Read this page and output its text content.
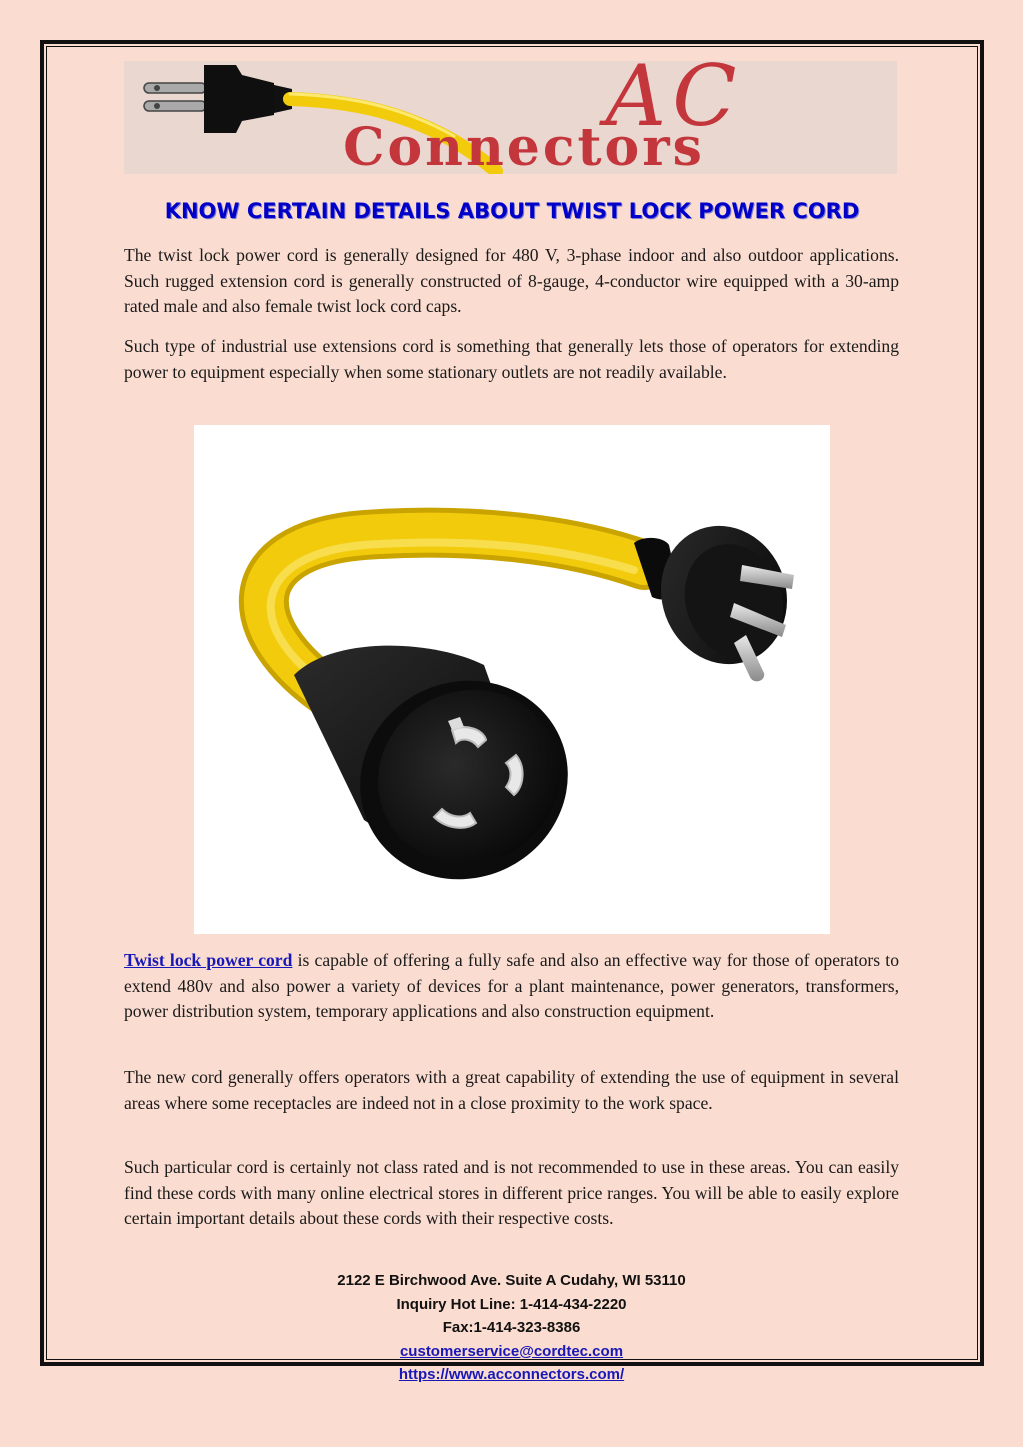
AC
Connectors
KNOW CERTAIN DETAILS ABOUT TWIST LOCK POWER CORD

The twist lock power cord is generally designed for 480 V, 3-phase indoor and also outdoor applications. Such rugged extension cord is generally constructed of 8-gauge, 4-conductor wire equipped with a 30-amp rated male and also female twist lock cord caps.

Such type of industrial use extensions cord is something that generally lets those of operators for extending power to equipment especially when some stationary outlets are not readily available.

Twist lock power cord is capable of offering a fully safe and also an effective way for those of operators to extend 480v and also power a variety of devices for a plant maintenance, power generators, transformers, power distribution system, temporary applications and also construction equipment.

The new cord generally offers operators with a great capability of extending the use of equipment in several areas where some receptacles are indeed not in a close proximity to the work space.

Such particular cord is certainly not class rated and is not recommended to use in these areas. You can easily find these cords with many online electrical stores in different price ranges. You will be able to easily explore certain important details about these cords with their respective costs.

2122 E Birchwood Ave. Suite A Cudahy, WI 53110
Inquiry Hot Line: 1-414-434-2220
Fax:1-414-323-8386
customerservice@cordtec.com
https://www.acconnectors.com/
